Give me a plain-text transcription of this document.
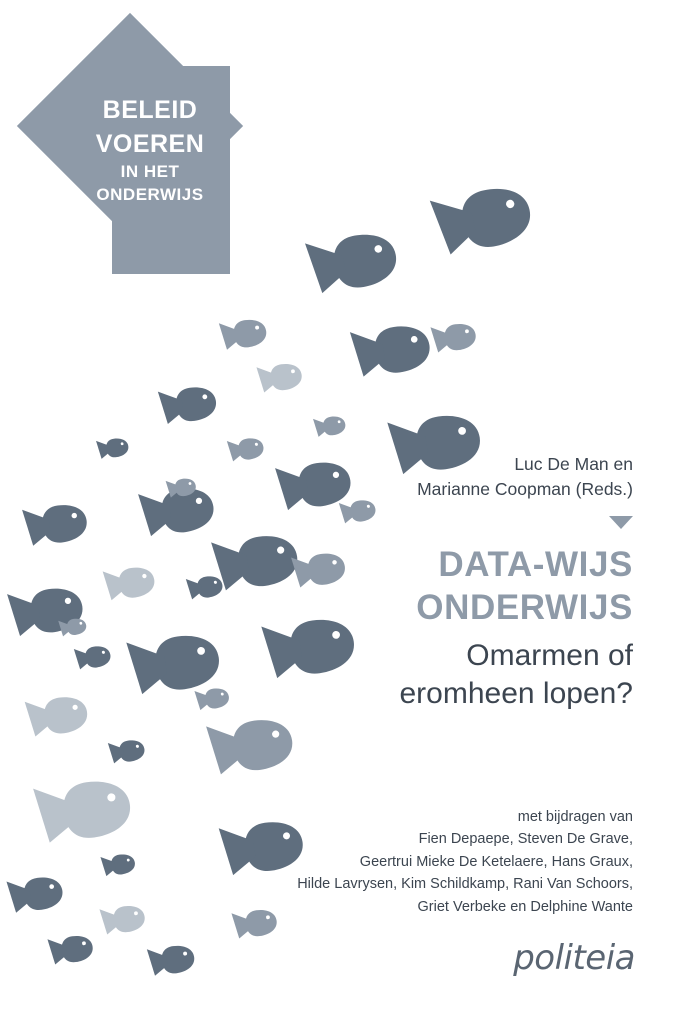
BELEID
VOEREN
IN HET
ONDERWIJS
Luc De Man en
Marianne Coopman (Reds.)
DATA-WIJS
ONDERWIJS
Omarmen of
eromheen lopen?
met bijdragen van
Fien Depaepe, Steven De Grave,
Geertrui Mieke De Ketelaere, Hans Graux,
Hilde Lavrysen, Kim Schildkamp, Rani Van Schoors,
Griet Verbeke en Delphine Wante
politeia
